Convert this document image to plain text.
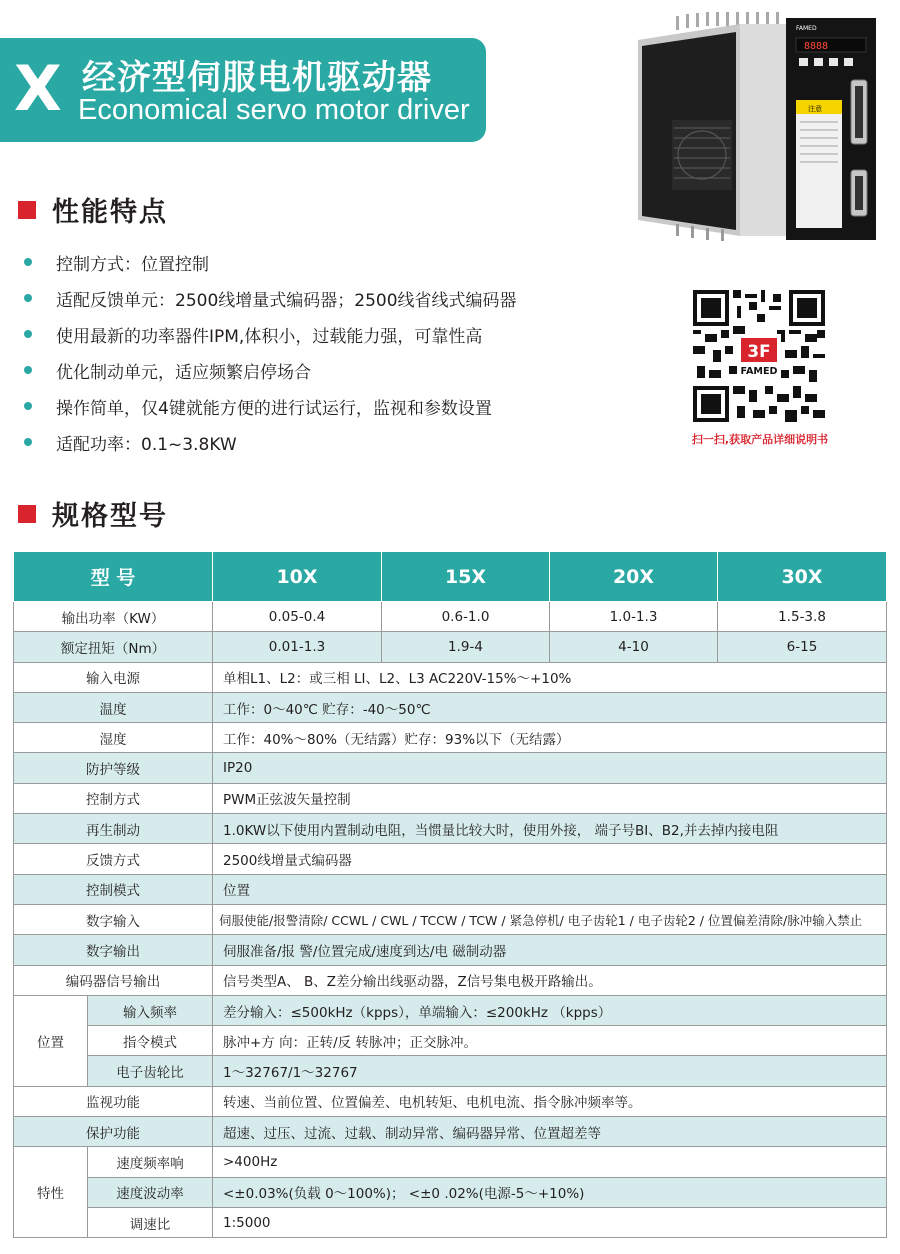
X 经济型伺服电机驱动器
Economical servo motor driver
FAMED
8888
注意
性能特点
控制方式：位置控制
适配反馈单元：2500线增量式编码器；2500线省线式编码器
使用最新的功率器件IPM,体积小，过载能力强，可靠性高
优化制动单元，适应频繁启停场合
操作简单，仅4键就能方便的进行试运行，监视和参数设置
适配功率：0.1~3.8KW
3F
FAMED
扫一扫,获取产品详细说明书
规格型号
型 号		10X	15X	20X	30X
输出功率（KW）		0.05-0.4	0.6-1.0	1.0-1.3	1.5-3.8
额定扭矩（Nm）		0.01-1.3	1.9-4	4-10	6-15
输入电源		单相L1、L2：或三相 LI、L2、L3 AC220V-15%～+10%			
温度		工作：0～40℃ 贮存：-40～50℃			
湿度		工作：40%～80%（无结露）贮存：93%以下（无结露）			
防护等级		IP20			
控制方式		PWM正弦波矢量控制			
再生制动		1.0KW以下使用内置制动电阻，当惯量比较大时，使用外接， 端子号BI、B2,并去掉内接电阻			
反馈方式		2500线增量式编码器			
控制模式		位置			
数字输入		伺服使能/报警清除/ CCWL / CWL / TCCW / TCW / 紧急停机/ 电子齿轮1 / 电子齿轮2 / 位置偏差清除/脉冲输入禁止			
数字输出		伺服准备/报 警/位置完成/速度到达/电 磁制动器			
编码器信号输出		信号类型A、 B、Z差分输出线驱动器，Z信号集电极开路输出。			
位置	输入频率	差分输入：≤500kHz（kpps），单端输入：≤200kHz （kpps）			
	指令模式	脉冲+方 向：正转/反 转脉冲；正交脉冲。			
	电子齿轮比	1～32767/1～32767			
监视功能		转速、当前位置、位置偏差、电机转矩、电机电流、指令脉冲频率等。			
保护功能		超速、过压、过流、过载、制动异常、编码器异常、位置超差等			
特性	速度频率响	>400Hz			
	速度波动率	<±0.03%(负载 0～100%)； <±0 .02%(电源-5～+10%)			
	调速比	1:5000			
